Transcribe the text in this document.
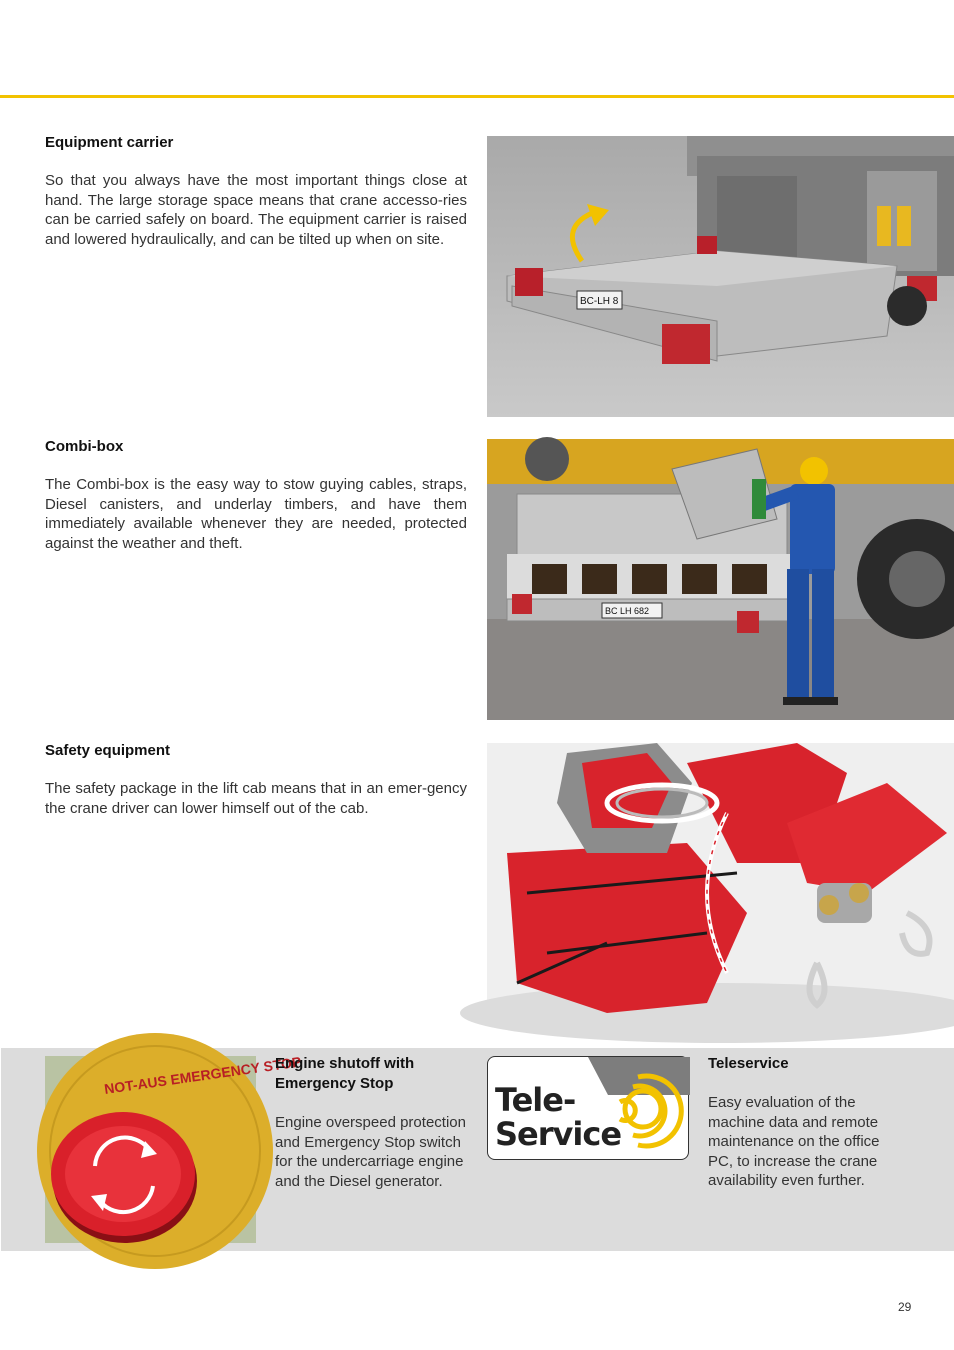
Equipment carrier

So that you always have the most important things close at hand. The large storage space means that crane accesso-ries can be carried safely on board. The equipment carrier is raised and lowered hydraulically, and can be tilted up when on site.

BC-LH 8
Combi-box

The Combi-box is the easy way to stow guying cables, straps, Diesel canisters, and underlay timbers, and have them immediately available whenever they are needed, protected against the weather and theft.

BC LH 682
Safety equipment

The safety package in the lift cab means that in an emer-gency the crane driver can lower himself out of the cab.

NOT-AUS EMERGENCY STOP
Engine shutoff with Emergency Stop

Engine overspeed protection and Emergency Stop switch for the undercarriage engine and the Diesel generator.

Tele-
Service
Teleservice

Easy evaluation of the machine data and remote maintenance on the office PC, to increase the crane availability even further.

29
